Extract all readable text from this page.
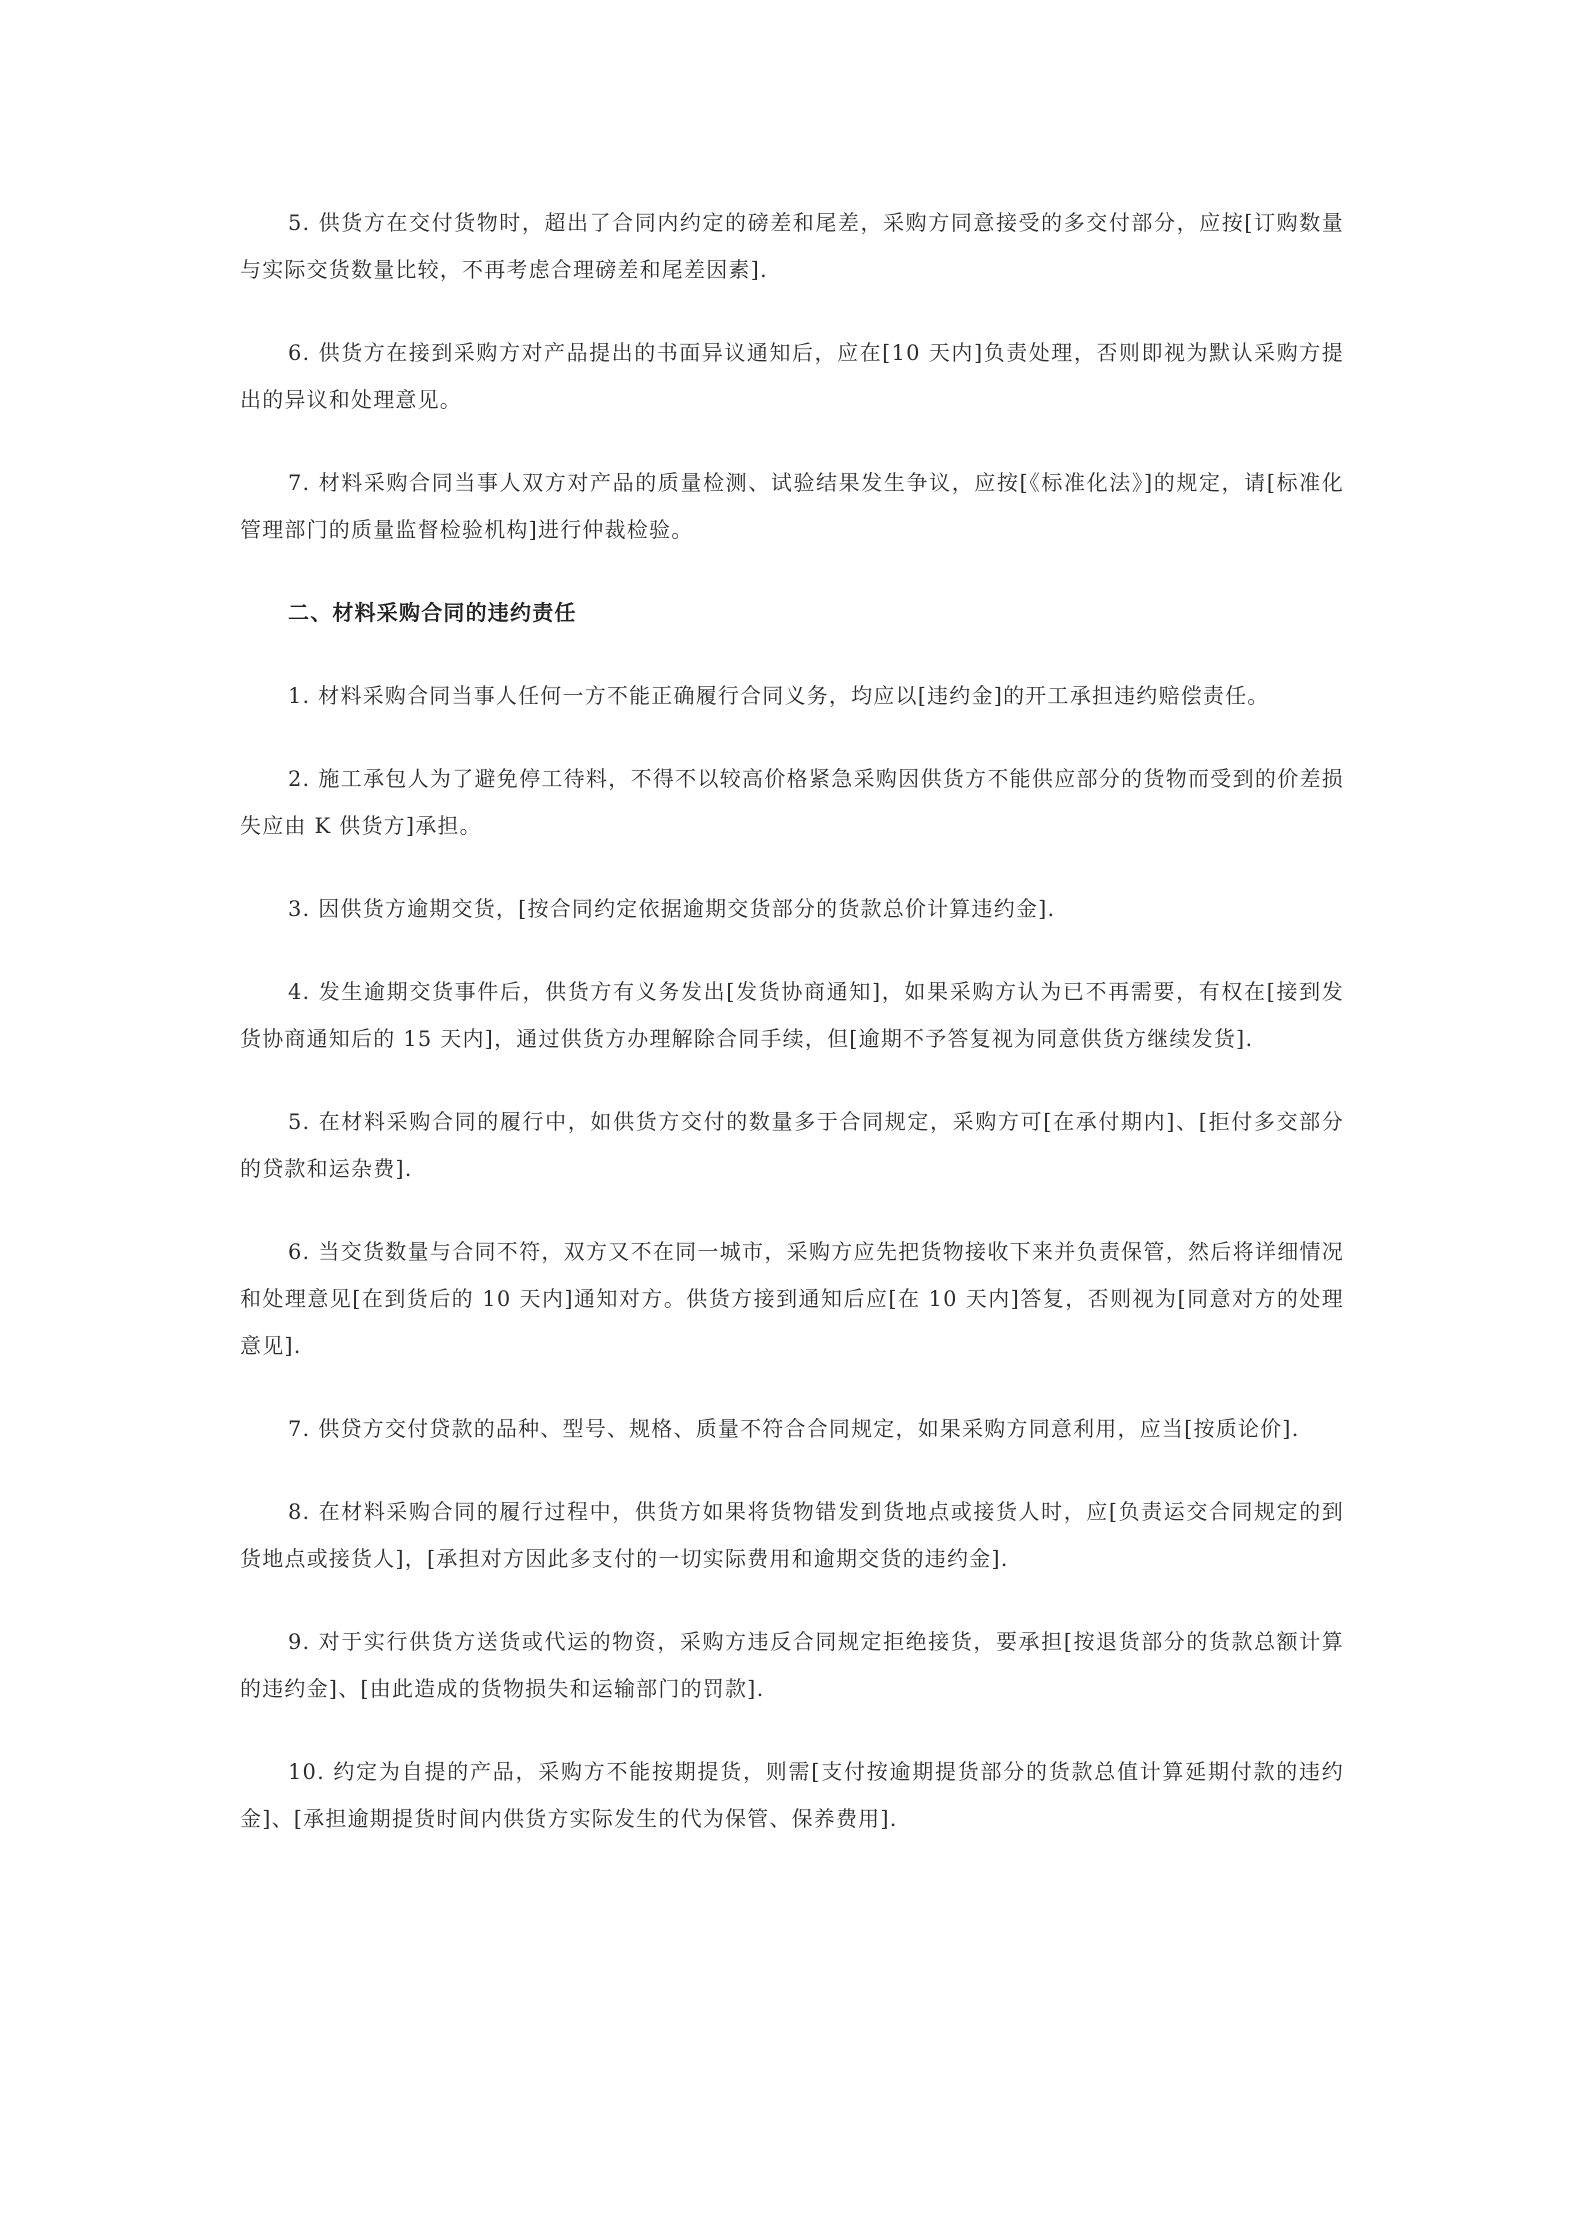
5. 供货方在交付货物时，超出了合同内约定的磅差和尾差，采购方同意接受的多交付部分，应按[订购数量与实际交货数量比较，不再考虑合理磅差和尾差因素].

6. 供货方在接到采购方对产品提出的书面异议通知后，应在[10 天内]负责处理，否则即视为默认采购方提出的异议和处理意见。

7. 材料采购合同当事人双方对产品的质量检测、试验结果发生争议，应按[《标准化法》]的规定，请[标准化管理部门的质量监督检验机构]进行仲裁检验。

二、材料采购合同的违约责任

1. 材料采购合同当事人任何一方不能正确履行合同义务，均应以[违约金]的开工承担违约赔偿责任。

2. 施工承包人为了避免停工待料，不得不以较高价格紧急采购因供货方不能供应部分的货物而受到的价差损失应由 K 供货方]承担。

3. 因供货方逾期交货，[按合同约定依据逾期交货部分的货款总价计算违约金].

4. 发生逾期交货事件后，供货方有义务发出[发货协商通知]，如果采购方认为已不再需要，有权在[接到发货协商通知后的 15 天内]，通过供货方办理解除合同手续，但[逾期不予答复视为同意供货方继续发货].

5. 在材料采购合同的履行中，如供货方交付的数量多于合同规定，采购方可[在承付期内]、[拒付多交部分的贷款和运杂费].

6. 当交货数量与合同不符，双方又不在同一城市，采购方应先把货物接收下来并负责保管，然后将详细情况和处理意见[在到货后的 10 天内]通知对方。供货方接到通知后应[在 10 天内]答复，否则视为[同意对方的处理意见].

7. 供贷方交付贷款的品种、型号、规格、质量不符合合同规定，如果采购方同意利用，应当[按质论价].

8. 在材料采购合同的履行过程中，供货方如果将货物错发到货地点或接货人时，应[负责运交合同规定的到货地点或接货人]，[承担对方因此多支付的一切实际费用和逾期交货的违约金].

9. 对于实行供货方送货或代运的物资，采购方违反合同规定拒绝接货，要承担[按退货部分的货款总额计算的违约金]、[由此造成的货物损失和运输部门的罚款].

10. 约定为自提的产品，采购方不能按期提货，则需[支付按逾期提货部分的货款总值计算延期付款的违约金]、[承担逾期提货时间内供货方实际发生的代为保管、保养费用].
